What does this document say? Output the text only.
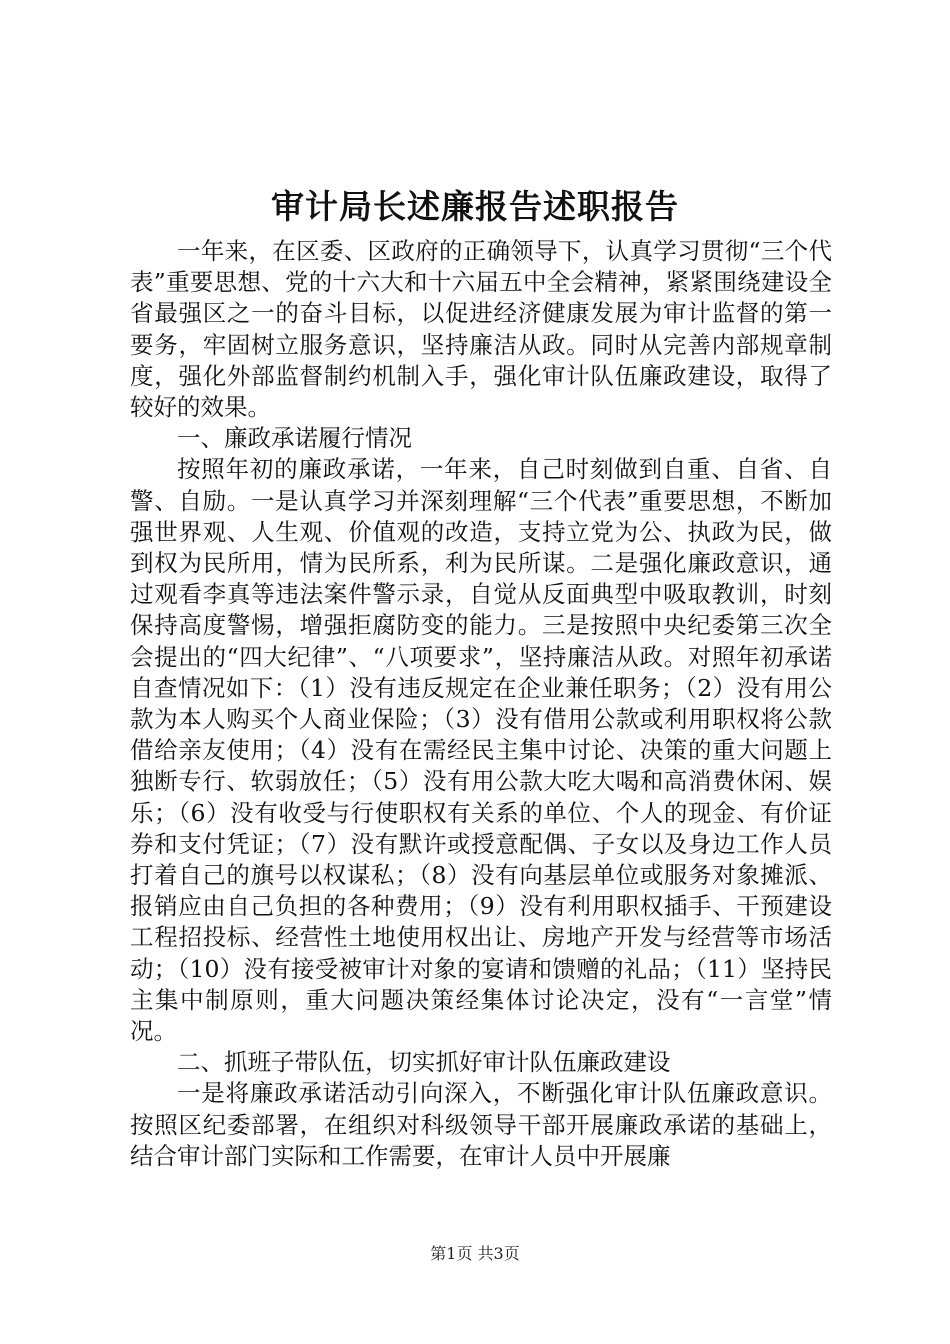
审计局长述廉报告述职报告

一年来，在区委、区政府的正确领导下，认真学习贯彻“三个代表”重要思想、党的十六大和十六届五中全会精神，紧紧围绕建设全省最强区之一的奋斗目标，以促进经济健康发展为审计监督的第一要务，牢固树立服务意识，坚持廉洁从政。同时从完善内部规章制度，强化外部监督制约机制入手，强化审计队伍廉政建设，取得了较好的效果。

一、廉政承诺履行情况

按照年初的廉政承诺，一年来，自己时刻做到自重、自省、自警、自励。一是认真学习并深刻理解“三个代表”重要思想，不断加强世界观、人生观、价值观的改造，支持立党为公、执政为民，做到权为民所用，情为民所系，利为民所谋。二是强化廉政意识，通过观看李真等违法案件警示录，自觉从反面典型中吸取教训，时刻保持高度警惕，增强拒腐防变的能力。三是按照中央纪委第三次全会提出的“四大纪律”、“八项要求”，坚持廉洁从政。对照年初承诺自查情况如下：（1）没有违反规定在企业兼任职务；（2）没有用公款为本人购买个人商业保险；（3）没有借用公款或利用职权将公款借给亲友使用；（4）没有在需经民主集中讨论、决策的重大问题上独断专行、软弱放任；（5）没有用公款大吃大喝和高消费休闲、娱乐；（6）没有收受与行使职权有关系的单位、个人的现金、有价证券和支付凭证；（7）没有默许或授意配偶、子女以及身边工作人员打着自己的旗号以权谋私；（8）没有向基层单位或服务对象摊派、报销应由自己负担的各种费用；（9）没有利用职权插手、干预建设工程招投标、经营性土地使用权出让、房地产开发与经营等市场活动；（10）没有接受被审计对象的宴请和馈赠的礼品；（11）坚持民主集中制原则，重大问题决策经集体讨论决定，没有“一言堂”情况。

二、抓班子带队伍，切实抓好审计队伍廉政建设

一是将廉政承诺活动引向深入，不断强化审计队伍廉政意识。按照区纪委部署，在组织对科级领导干部开展廉政承诺的基础上，结合审计部门实际和工作需要，在审计人员中开展廉

第1页 共3页
